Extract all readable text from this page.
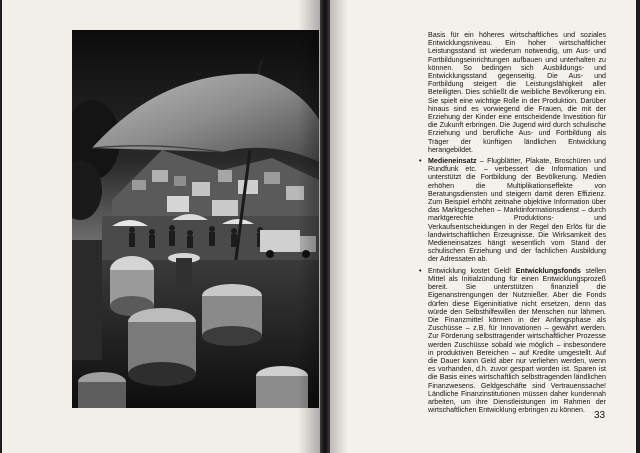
Basis für ein höheres wirtschaftliches und soziales Entwicklungsniveau. Ein hoher wirtschaftlicher Leistungsstand ist wiederum notwendig, um Aus- und Fortbildungseinrichtungen aufbauen und unterhalten zu können. So bedingen sich Ausbildungs- und Entwicklungsstand gegenseitig. Die Aus- und Fortbildung steigert die Leistungsfähigkeit aller Beteiligten. Dies schließt die weibliche Bevölkerung ein. Sie spielt eine wichtige Rolle in der Produktion. Darüber hinaus sind es vorwiegend die Frauen, die mit der Erziehung der Kinder eine entscheidende Investition für die Zukunft erbringen. Die Jugend wird durch schulische Erziehung und berufliche Aus- und Fortbildung als Träger der künftigen ländlichen Entwicklung herangebildet.

• Medieneinsatz – Flugblätter, Plakate, Broschüren und Rundfunk etc. – verbessert die Information und unterstützt die Fortbildung der Bevölkerung. Medien erhöhen die Multiplikationseffekte von Beratungsdiensten und steigern damit deren Effizienz. Zum Beispiel erhöht zeitnahe objektive Information über das Marktgeschehen – Marktinformationsdienst – durch marktgerechte Produktions- und Verkaufsentscheidungen in der Regel den Erlös für die landwirtschaftlichen Erzeugnisse. Die Wirksamkeit des Medieneinsatzes hängt wesentlich vom Stand der schulischen Erziehung und der fachlichen Ausbildung der Adressaten ab.

• Entwicklung kostet Geld! Entwicklungsfonds stellen Mittel als Initialzündung für einen Entwicklungsprozeß bereit. Sie unterstützen finanziell die Eigenanstrengungen der Nutznießer. Aber die Fonds dürfen diese Eigeninitiative nicht ersetzen, denn das würde den Selbsthilfewillen der Menschen nur lähmen. Die Finanzmittel können in der Anfangsphase als Zuschüsse – z.B. für Innovationen – gewährt werden. Zur Förderung selbsttragender wirtschaftlicher Prozesse werden Zuschüsse sobald wie möglich – insbesondere in produktiven Bereichen – auf Kredite umgestellt. Auf die Dauer kann Geld aber nur verliehen werden, wenn es vorhanden, d.h. zuvor gespart worden ist. Sparen ist die Basis eines wirtschaftlich selbsttragenden ländlichen Finanzwesens. Geldgeschäfte sind Vertrauenssache! Ländliche Finanzinstitutionen müssen daher kundennah arbeiten, um ihre Dienstleistungen im Rahmen der wirtschaftlichen Entwicklung erbringen zu können. 33
